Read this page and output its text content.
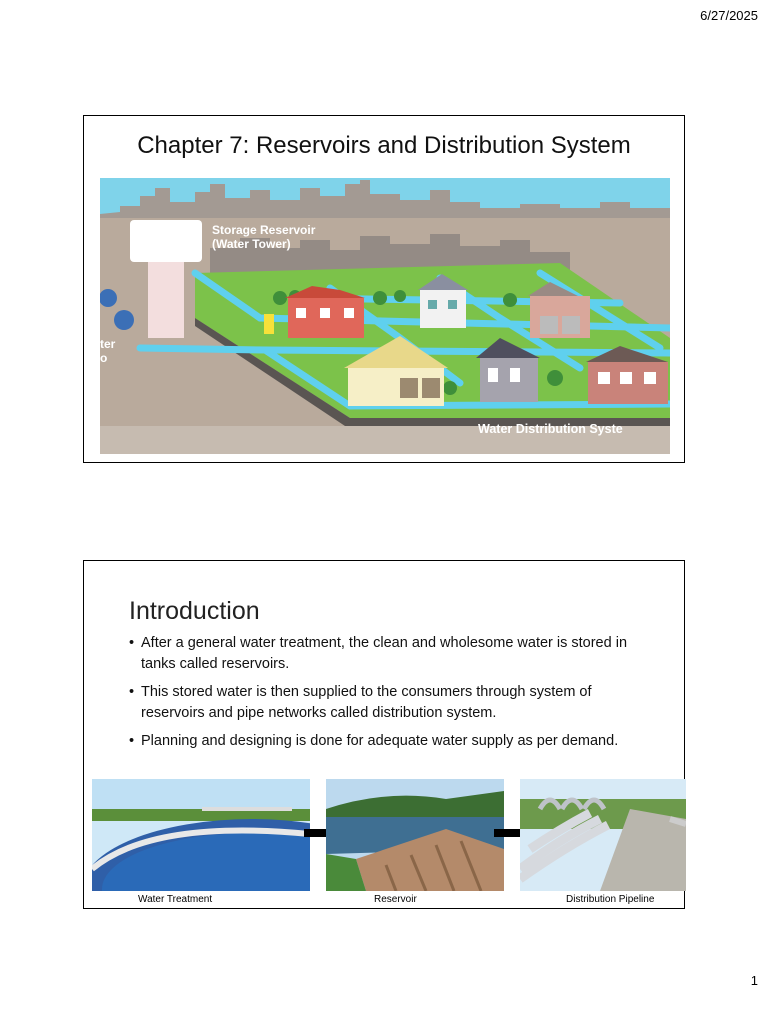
6/27/2025
Chapter 7: Reservoirs and Distribution System
Storage Reservoir
(Water Tower)
ter
o
Water Distribution Syste
Introduction
• After a general water treatment, the clean and wholesome water is stored in tanks called reservoirs.
• This stored water is then supplied to the consumers through system of reservoirs and pipe networks called distribution system.
• Planning and designing is done for adequate water supply as per demand.
Water Treatment	Reservoir	Distribution Pipeline
1
